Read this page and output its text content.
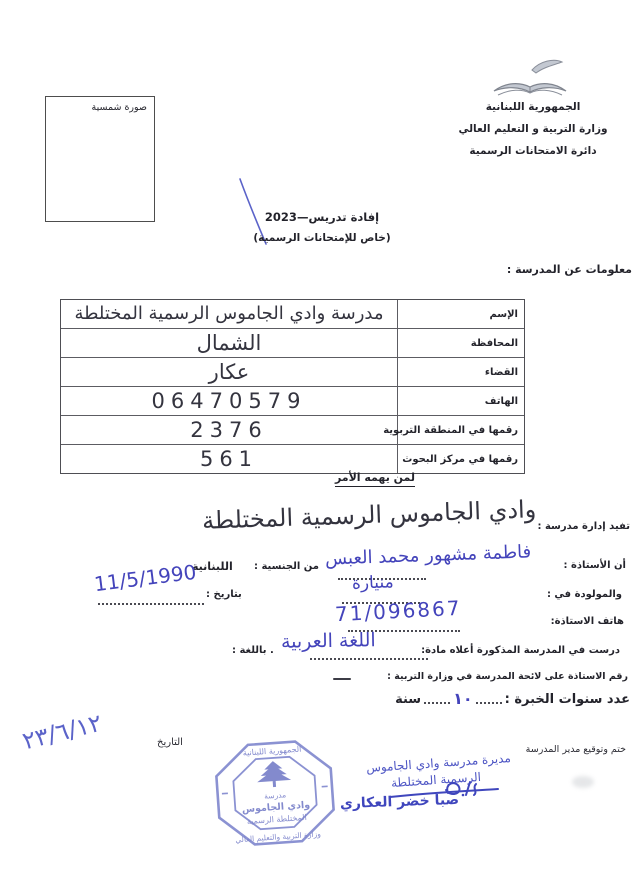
الجمهورية اللبنانية
وزارة التربية و التعليم العالي
دائرة الامتحانات الرسمية
صورة شمسية
إفادة تدريس—2023
(خاص للإمتحانات الرسمية)
معلومات عن المدرسة :
الإسم
مدرسة وادي الجاموس الرسمية المختلطة
المحافظة
الشمال
القضاء
عكار
الهاتف
06470579
رقمها في المنطقة التربوية
2376
رقمها في مركز البحوث
561
لمن يهمه الأمر
تفيد إدارة مدرسة :
وادي الجاموس الرسمية المختلطة
أن الأستاذة :
فاطمة مشهور محمد العبس
من الجنسية :
اللبنانية
والمولودة في :
منيارة
بتاريخ :
11/5/1990
هاتف الاستاذة:
71/096867
درست في المدرسة المذكورة أعلاه مادة:
اللغة العربية
. باللغة :
رقم الاستاذة على لائحة المدرسة في وزارة التربية :
عدد سنوات الخبرة :
١٠
سنة
ختم وتوقيع مدير المدرسة
مديرة مدرسة وادي الجاموس
الرسمية المختلطة
صبا خضر العكاري
الجمهورية اللبنانية
وزارة التربية والتعليم العالي
مدرسة
وادي الجاموس
المختلطة الرسمية
التاريخ
٢٣/٦/١٢
